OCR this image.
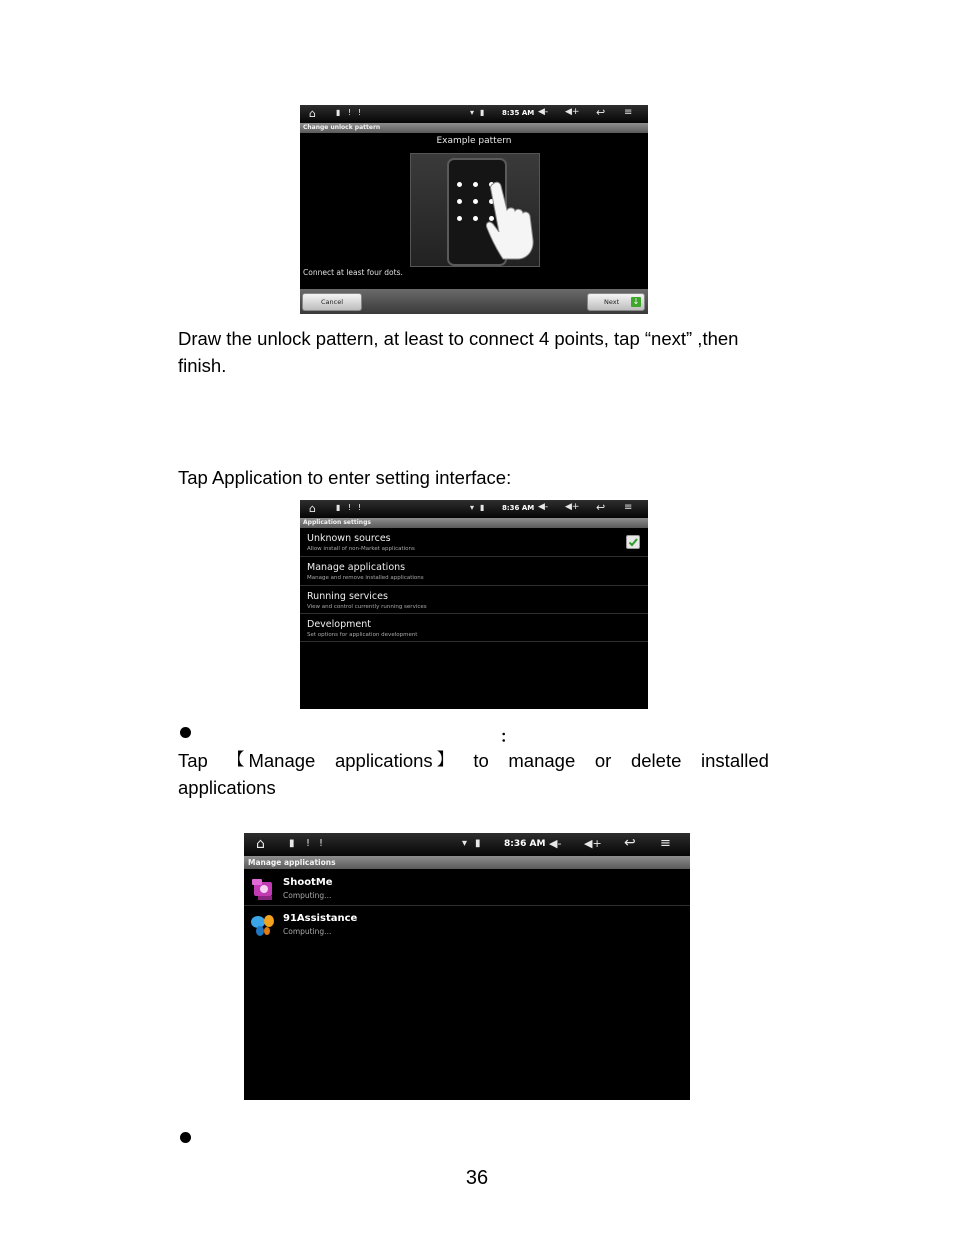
⌂	▮ ! !	▾ ▮	8:35 AM ◀- ◀+ ↩ ≡
Change unlock pattern
Example pattern
Connect at least four dots.
Cancel	Next ↓

Draw the unlock pattern, at least to connect 4 points, tap “next” ,then finish.

Tap Application to enter setting interface:

⌂	▮ ! !	▾ ▮	8:36 AM ◀- ◀+ ↩ ≡
Application settings
Unknown sources
Allow install of non-Market applications
Manage applications
Manage and remove installed applications
Running services
View and control currently running services
Development
Set options for application development
：
Tap 【 Manage applications 】 to manage or delete installed
applications
⌂ ▮ ! !	▾ ▮	8:36 AM ◀- ◀+ ↩ ≡
Manage applications
ShootMe
Computing...
91Assistance
Computing...
36
